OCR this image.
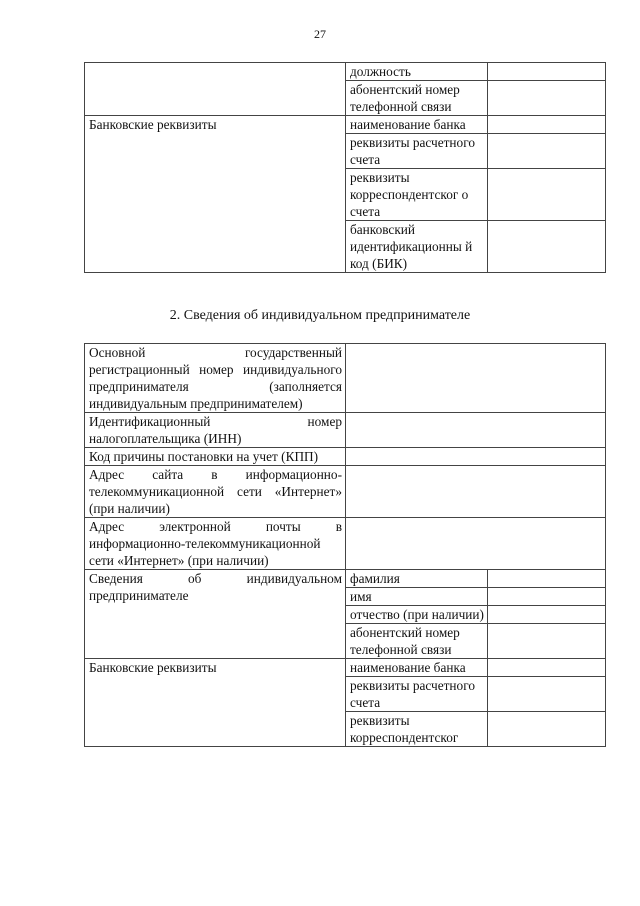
27
	должность	
	абонентский номер телефонной связи	
Банковские реквизиты	наименование банка	
	реквизиты расчетного счета	
	реквизиты корреспондентског о счета	
	банковский идентификационны й код (БИК)	
2. Сведения об индивидуальном предпринимателе
Основной государственный регистрационный номер индивидуального предпринимателя (заполняется индивидуальным предпринимателем)		
Идентификационный номер налогоплательщика (ИНН)		
Код причины постановки на учет (КПП)		
Адрес сайта в информационно-телекоммуникационной сети «Интернет» (при наличии)		
Адрес электронной почты в информационно-телекоммуникационной сети «Интернет» (при наличии)		
Сведения об индивидуальном предпринимателе	фамилия	
	имя	
	отчество (при наличии)	
	абонентский номер телефонной связи	
Банковские реквизиты	наименование банка	
	реквизиты расчетного счета	
	реквизиты корреспондентског	
